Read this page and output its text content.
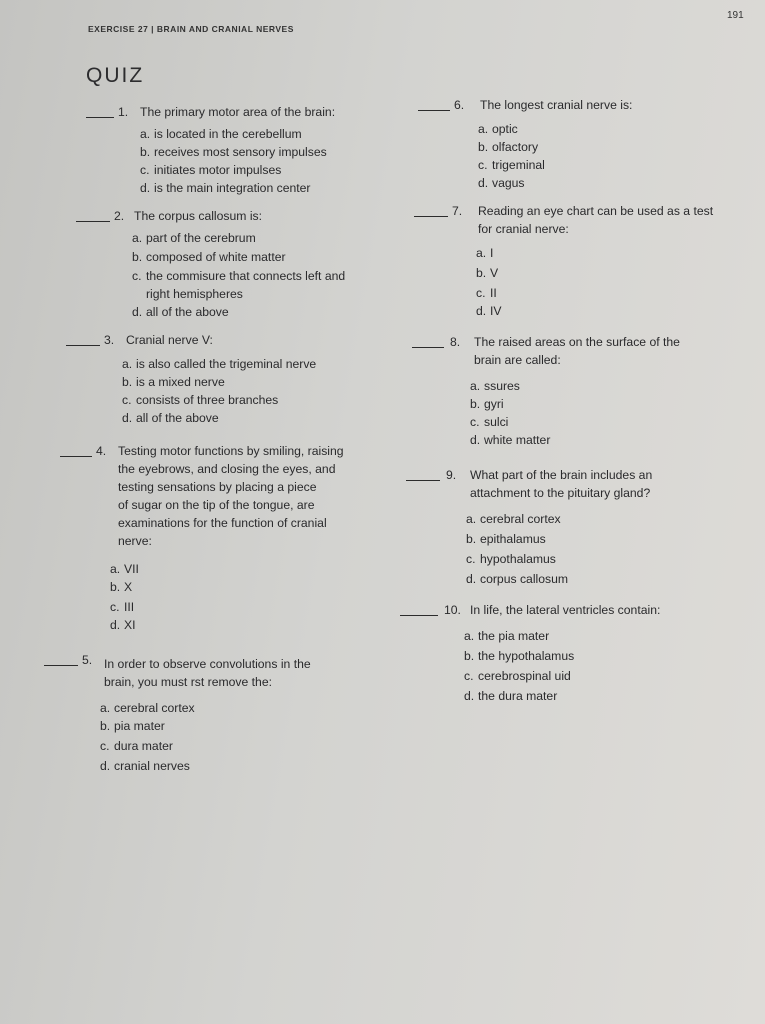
191
EXERCISE 27 | BRAIN AND CRANIAL NERVES
QUIZ
1. The primary motor area of the brain:
a. is located in the cerebellum
b. receives most sensory impulses
c. initiates motor impulses
d. is the main integration center
2. The corpus callosum is:
a. part of the cerebrum
b. composed of white matter
c. the commisure that connects left and
right hemispheres
d. all of the above
3. Cranial nerve V:
a. is also called the trigeminal nerve
b. is a mixed nerve
c. consists of three branches
d. all of the above
4. Testing motor functions by smiling, raising
the eyebrows, and closing the eyes, and
testing sensations by placing a piece
of sugar on the tip of the tongue, are
examinations for the function of cranial
nerve:
a. VII
b. X
c. III
d. XI
5. In order to observe convolutions in the
brain, you must rst remove the:
a. cerebral cortex
b. pia mater
c. dura mater
d. cranial nerves
6. The longest cranial nerve is:
a. optic
b. olfactory
c. trigeminal
d. vagus
7. Reading an eye chart can be used as a test
for cranial nerve:
a. I
b. V
c. II
d. IV
8. The raised areas on the surface of the
brain are called:
a. ssures
b. gyri
c. sulci
d. white matter
9. What part of the brain includes an
attachment to the pituitary gland?
a. cerebral cortex
b. epithalamus
c. hypothalamus
d. corpus callosum
10. In life, the lateral ventricles contain:
a. the pia mater
b. the hypothalamus
c. cerebrospinal uid
d. the dura mater
